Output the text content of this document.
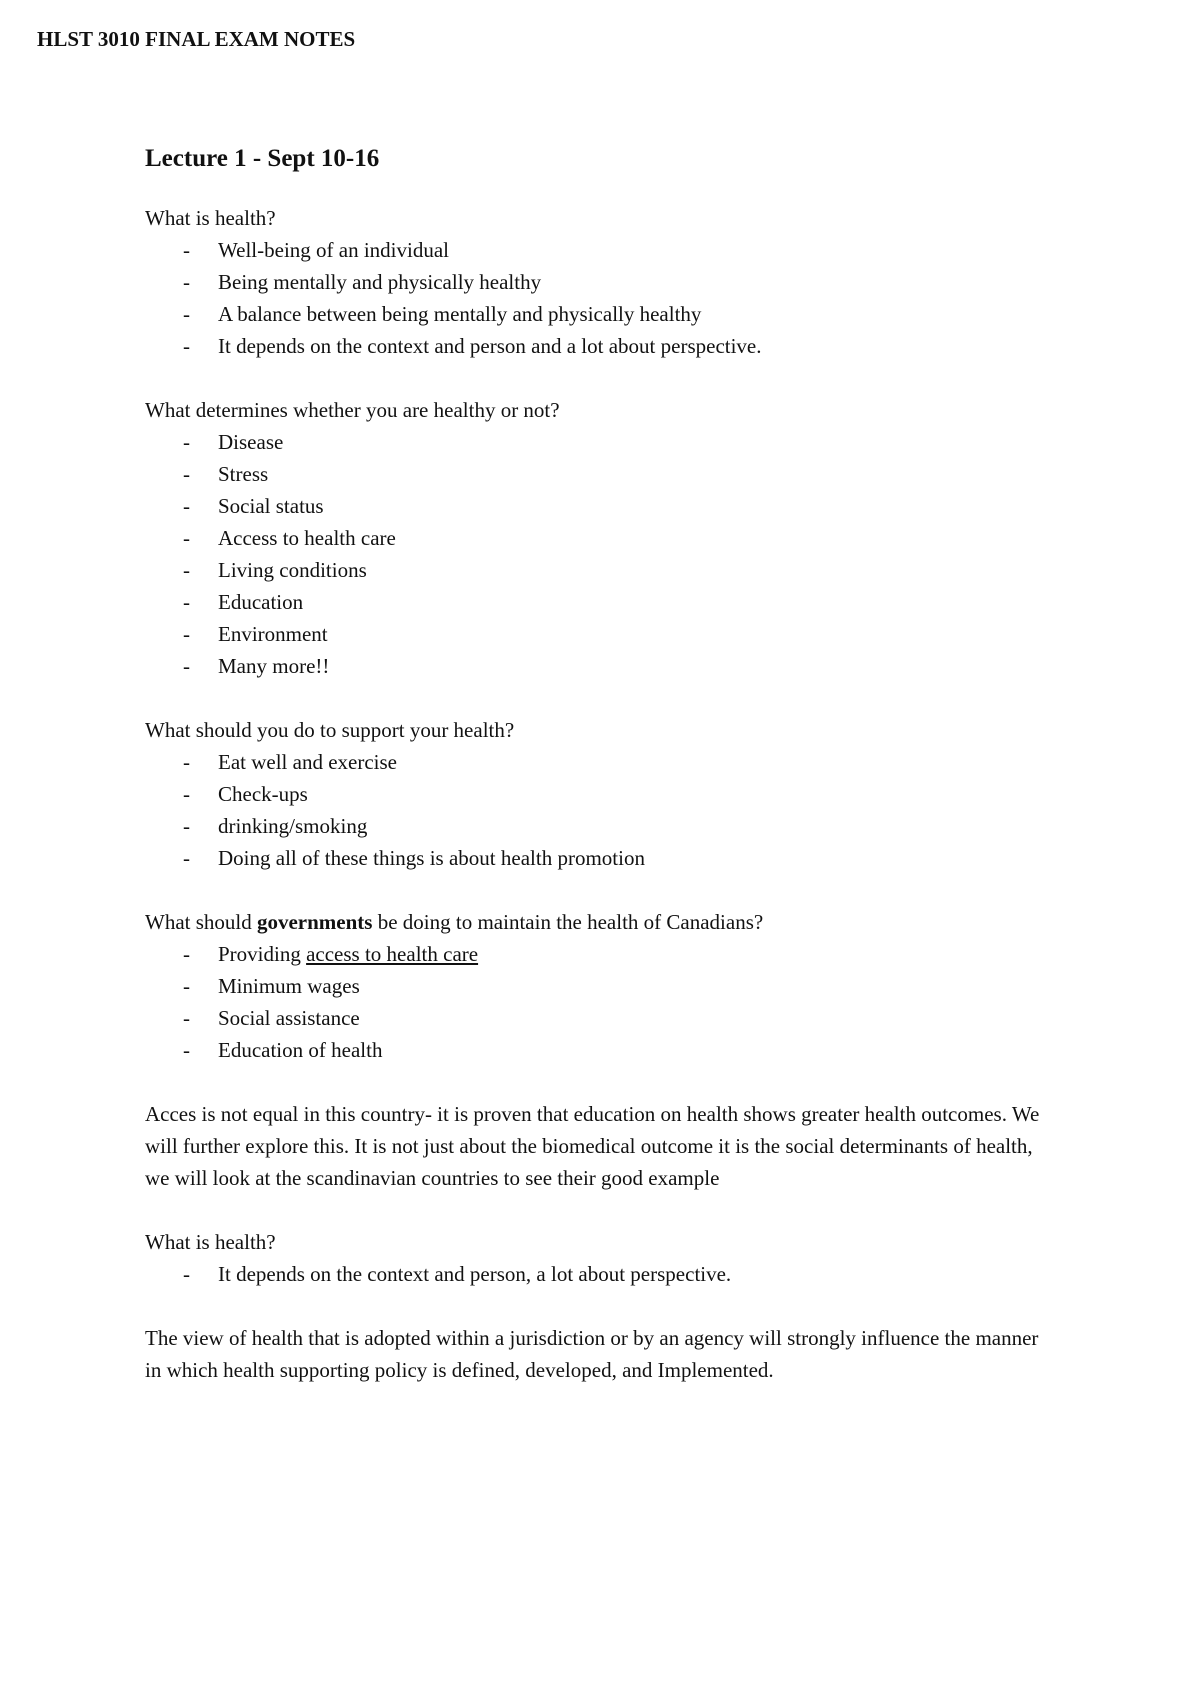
HLST 3010 FINAL EXAM NOTES
Lecture 1 - Sept 10-16
What is health?
- Well-being of an individual
- Being mentally and physically healthy
- A balance between being mentally and physically healthy
- It depends on the context and person and a lot about perspective.
What determines whether you are healthy or not?
- Disease
- Stress
- Social status
- Access to health care
- Living conditions
- Education
- Environment
- Many more!!
What should you do to support your health?
- Eat well and exercise
- Check-ups
- drinking/smoking
- Doing all of these things is about health promotion
What should governments be doing to maintain the health of Canadians?
- Providing access to health care
- Minimum wages
- Social assistance
- Education of health

Acces is not equal in this country- it is proven that education on health shows greater health outcomes. We will further explore this. It is not just about the biomedical outcome it is the social determinants of health, we will look at the scandinavian countries to see their good example

What is health?
- It depends on the context and person, a lot about perspective.

The view of health that is adopted within a jurisdiction or by an agency will strongly influence the manner in which health supporting policy is defined, developed, and Implemented.
